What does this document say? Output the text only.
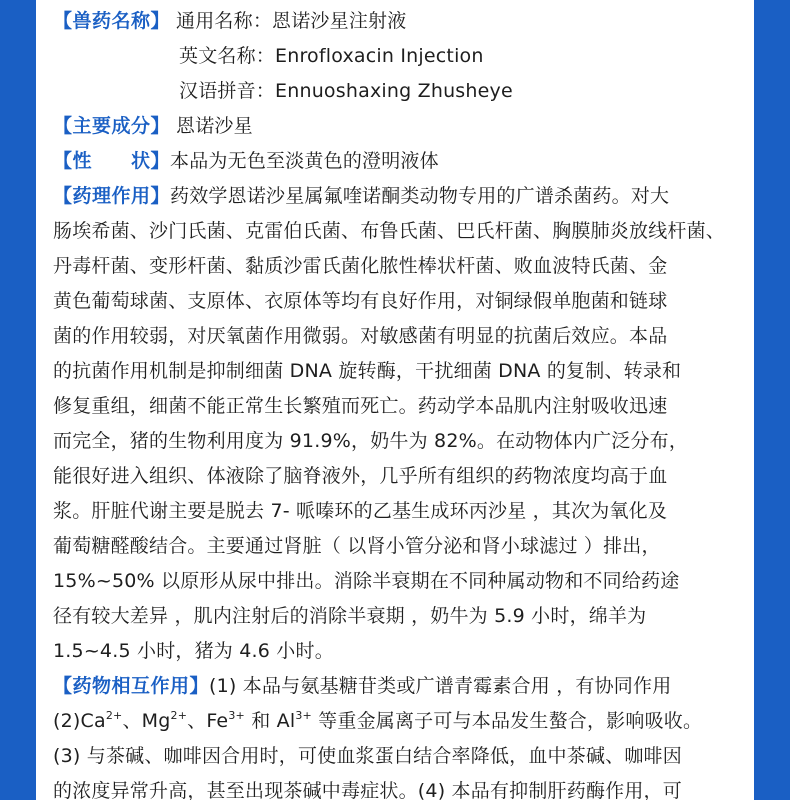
【兽药名称】 通用名称：恩诺沙星注射液
英文名称：Enrofloxacin Injection
汉语拼音：Ennuoshaxing Zhusheye
【主要成分】 恩诺沙星
【性　　状】本品为无色至淡黄色的澄明液体
【药理作用】药效学恩诺沙星属氟喹诺酮类动物专用的广谱杀菌药。对大
肠埃希菌、沙门氏菌、克雷伯氏菌、布鲁氏菌、巴氏杆菌、胸膜肺炎放线杆菌、
丹毒杆菌、变形杆菌、黏质沙雷氏菌化脓性棒状杆菌、败血波特氏菌、金
黄色葡萄球菌、支原体、衣原体等均有良好作用，对铜绿假单胞菌和链球
菌的作用较弱，对厌氧菌作用微弱。对敏感菌有明显的抗菌后效应。本品
的抗菌作用机制是抑制细菌 DNA 旋转酶，干扰细菌 DNA 的复制、转录和
修复重组，细菌不能正常生长繁殖而死亡。药动学本品肌内注射吸收迅速
而完全，猪的生物利用度为 91.9%，奶牛为 82%。在动物体内广泛分布，
能很好进入组织、体液除了脑脊液外，几乎所有组织的药物浓度均高于血
浆。肝脏代谢主要是脱去 7- 哌嗪环的乙基生成环丙沙星 ，其次为氧化及
葡萄糖醛酸结合。主要通过肾脏（ 以肾小管分泌和肾小球滤过 ）排出，
15%~50% 以原形从尿中排出。消除半衰期在不同种属动物和不同给药途
径有较大差异 ，肌内注射后的消除半衰期 ，奶牛为 5.9 小时，绵羊为
1.5~4.5 小时，猪为 4.6 小时。
【药物相互作用】(1) 本品与氨基糖苷类或广谱青霉素合用 ，有协同作用
$(2)Ca^{2+}$、$Mg^{2+}$、$Fe^{3+}$ 和 $Al^{3+}$ 等重金属离子可与本品发生螯合，影响吸收。
(3) 与茶碱、咖啡因合用时，可使血浆蛋白结合率降低，血中茶碱、咖啡因
的浓度异常升高，甚至出现茶碱中毒症状。(4) 本品有抑制肝药酶作用，可
